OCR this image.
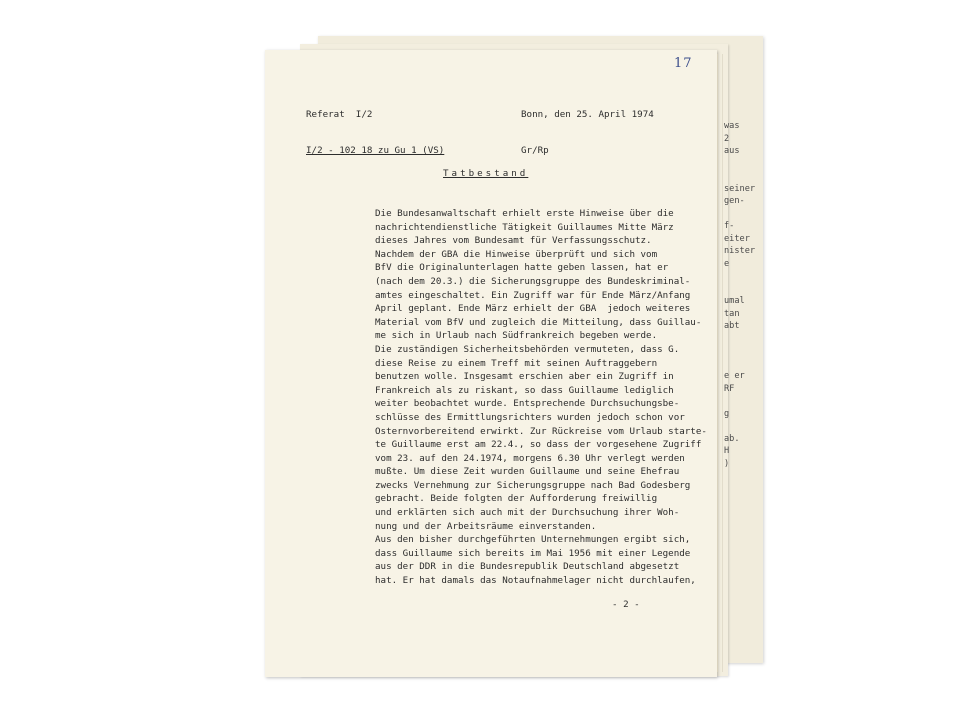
was
2
aus
seiner
gen-
f-
eiter
nister
e
umal
tan
abt
e er
RF
g
ab.
H
)
17

Referat  I/2

I/2 - 102 18 zu Gu 1 (VS)

Bonn, den 25. April 1974

Gr/Rp

Tatbestand
Die Bundesanwaltschaft erhielt erste Hinweise über die
nachrichtendienstliche Tätigkeit Guillaumes Mitte März
dieses Jahres vom Bundesamt für Verfassungsschutz.
Nachdem der GBA die Hinweise überprüft und sich vom
BfV die Originalunterlagen hatte geben lassen, hat er
(nach dem 20.3.) die Sicherungsgruppe des Bundeskriminal-
amtes eingeschaltet. Ein Zugriff war für Ende März/Anfang
April geplant. Ende März erhielt der GBA  jedoch weiteres
Material vom BfV und zugleich die Mitteilung, dass Guillau-
me sich in Urlaub nach Südfrankreich begeben werde.
Die zuständigen Sicherheitsbehörden vermuteten, dass G.
diese Reise zu einem Treff mit seinen Auftraggebern
benutzen wolle. Insgesamt erschien aber ein Zugriff in
Frankreich als zu riskant, so dass Guillaume lediglich
weiter beobachtet wurde. Entsprechende Durchsuchungsbe-
schlüsse des Ermittlungsrichters wurden jedoch schon vor
Osternvorbereitend erwirkt. Zur Rückreise vom Urlaub starte-
te Guillaume erst am 22.4., so dass der vorgesehene Zugriff
vom 23. auf den 24.1974, morgens 6.30 Uhr verlegt werden
mußte. Um diese Zeit wurden Guillaume und seine Ehefrau
zwecks Vernehmung zur Sicherungsgruppe nach Bad Godesberg
gebracht. Beide folgten der Aufforderung freiwillig
und erklärten sich auch mit der Durchsuchung ihrer Woh-
nung und der Arbeitsräume einverstanden.
Aus den bisher durchgeführten Unternehmungen ergibt sich,
dass Guillaume sich bereits im Mai 1956 mit einer Legende
aus der DDR in die Bundesrepublik Deutschland abgesetzt
hat. Er hat damals das Notaufnahmelager nicht durchlaufen,
- 2 -
